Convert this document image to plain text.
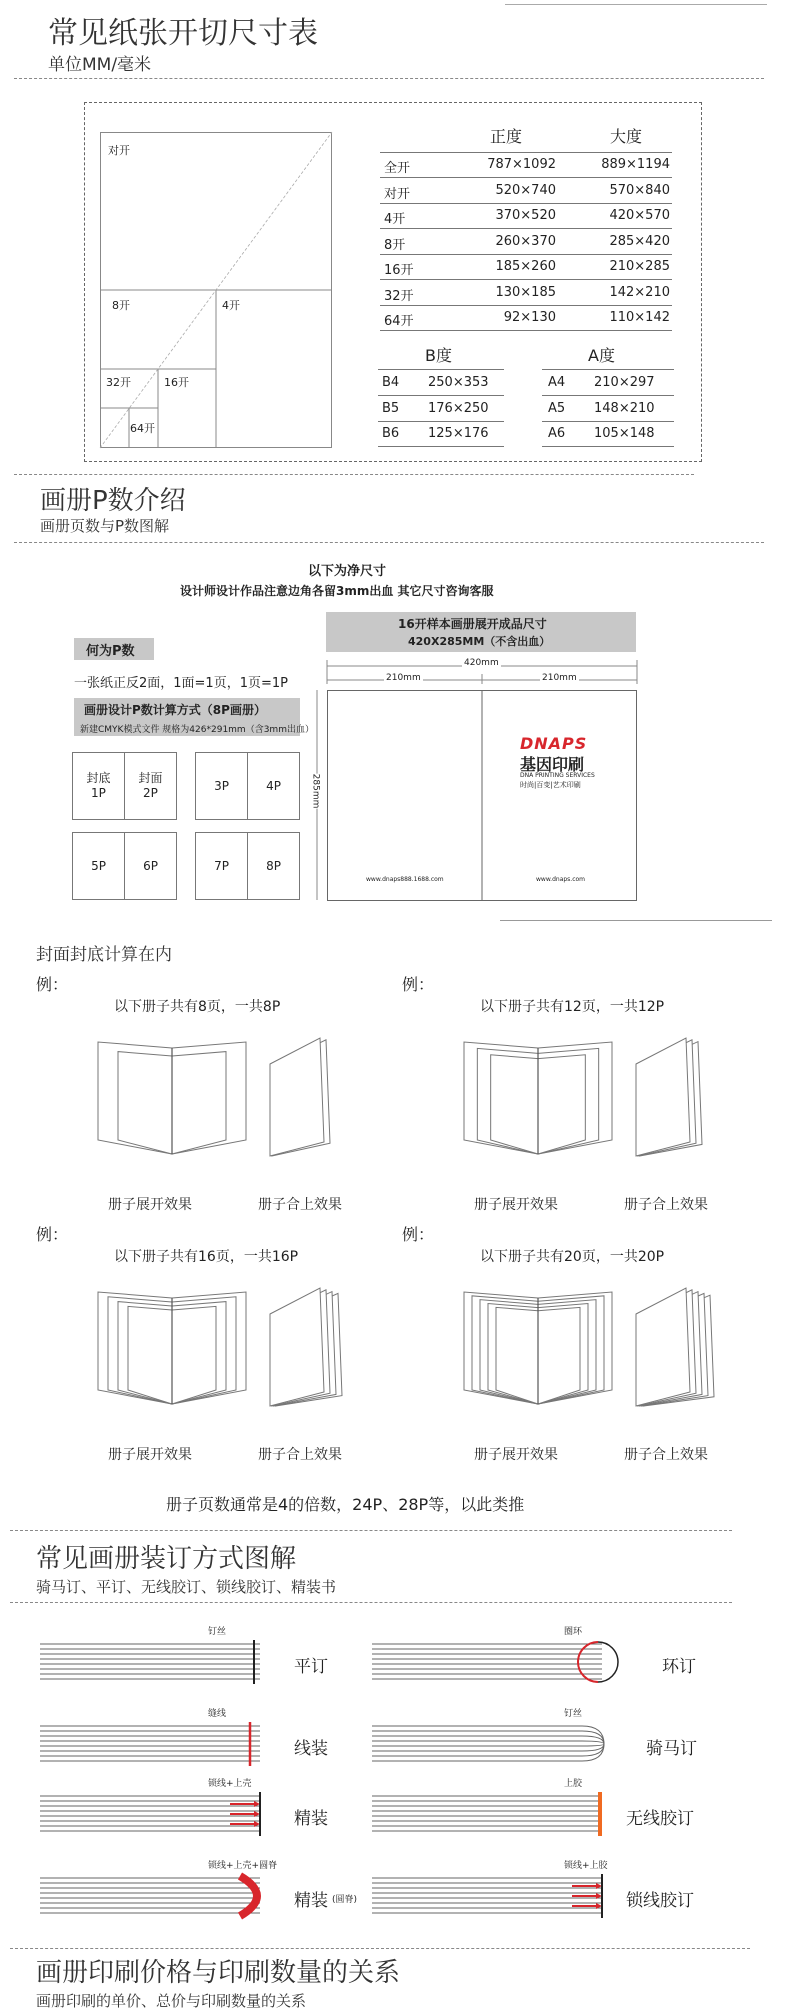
常见纸张开切尺寸表
单位MM/毫米
对开
8开	4开
32开	16开
64开
正度	大度
全开	787×1092	889×1194
对开	520×740	570×840
4开	370×520	420×570
8开	260×370	285×420
16开	185×260	210×285
32开	130×185	142×210
64开	92×130	110×142
B度	A度
B4 250×353
B5 176×250
B6 125×176
A4 210×297
A5 148×210
A6 105×148
画册P数介绍
画册页数与P数图解
以下为净尺寸
设计师设计作品注意边角各留3mm出血 其它尺寸咨询客服
何为P数
一张纸正反2面，1面=1页，1页=1P
画册设计P数计算方式（8P画册）
新建CMYK模式文件 规格为426*291mm（含3mm出血）
封底
1P
封面
2P
3P	4P
5P	6P	7P	8P
16开样本画册展开成品尺寸
420X285MM（不含出血）
420mm
210mm	210mm
285mm
DNAPS
基因印刷
DNA PRINTING SERVICES
时尚|百变|艺术印刷
www.dnaps888.1688.com	www.dnaps.com
封面封底计算在内
例：
以下册子共有8页，一共8P
册子展开效果	册子合上效果
例：
以下册子共有12页，一共12P
册子展开效果	册子合上效果
例：
以下册子共有16页，一共16P
册子展开效果	册子合上效果
例：
以下册子共有20页，一共20P
册子展开效果	册子合上效果
册子页数通常是4的倍数，24P、28P等，以此类推
常见画册装订方式图解
骑马订、平订、无线胶订、锁线胶订、精装书
钉丝
平订
圈环
环订
缝线
线装
钉丝
骑马订
锁线+上壳
精装
上胶
无线胶订
锁线+上壳+圆脊
精装 (圆脊)
锁线+上胶
锁线胶订
画册印刷价格与印刷数量的关系
画册印刷的单价、总价与印刷数量的关系
